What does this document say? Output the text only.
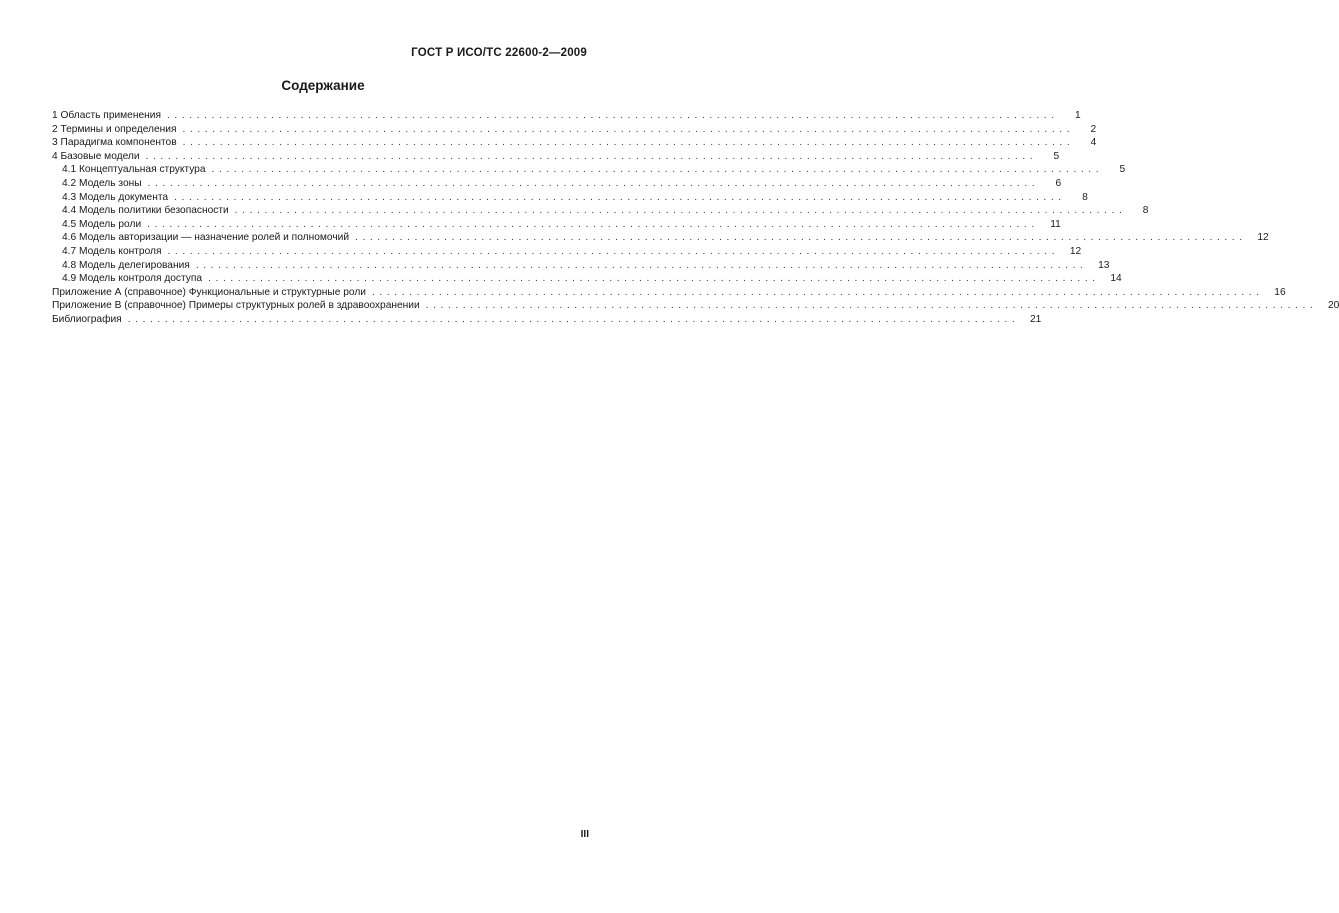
ГОСТ Р ИСО/ТС 22600-2—2009
Содержание
1 Область применения ........................................................................................................................	1
2 Термины и определения ........................................................................................................................	2
3 Парадигма компонентов ........................................................................................................................	4
4 Базовые модели ........................................................................................................................	5
4.1 Концептуальная структура ........................................................................................................................	5
4.2 Модель зоны ........................................................................................................................	6
4.3 Модель документа ........................................................................................................................	8
4.4 Модель политики безопасности ........................................................................................................................	8
4.5 Модель роли ........................................................................................................................	11
4.6 Модель авторизации — назначение ролей и полномочий ........................................................................................................................	12
4.7 Модель контроля ........................................................................................................................	12
4.8 Модель делегирования ........................................................................................................................	13
4.9 Модель контроля доступа ........................................................................................................................	14
Приложение А (справочное) Функциональные и структурные роли ........................................................................................................................	16
Приложение В (справочное) Примеры структурных ролей в здравоохранении ........................................................................................................................	20
Библиография ........................................................................................................................	21
III
